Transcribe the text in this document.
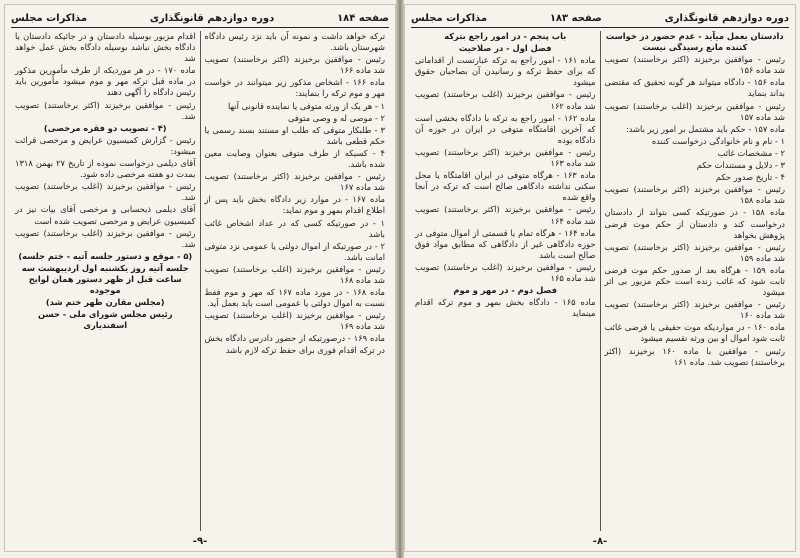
صفحه ۱۸۴
دوره دوازدهم قانونگذاری
مذاکرات مجلس

ترکه خواهد داشت و نمونه آن باید نزد رئیس دادگاه شهرستان باشد.

رئیس - موافقین برخیزند (اکثر برخاستند) تصویب شد ماده ۱۶۶

ماده ۱۶۶ - اشخاص مذکور زیر میتوانند در خواست مهر و موم ترکه را بنمایند:

۱ - هر یک از ورثه متوفی یا نماینده قانونی آنها

۲ - موصی له و وصی متوفی

۳ - طلبکار متوفی که طلب او مستند بسند رسمی یا حکم قطعی باشد

۴ - کسیکه از طرف متوفی بعنوان وصایت معین شده باشد.

رئیس - موافقین برخیزند (اکثر برخاستند) تصویب شد ماده ۱۶۷

ماده ۱۶۷ - در موارد زیر دادگاه بخش باید پس از اطلاع اقدام بمهر و موم نماید:

۱ - در صورتیکه کسی که در عداد اشخاص غائب باشد

۲ - در صورتیکه از اموال دولتی یا عمومی نزد متوفی امانت باشد.

رئیس - موافقین برخیزند (اغلب برخاستند) تصویب شد ماده ۱۶۸

ماده ۱۶۸ - در مورد ماده ۱۶۷ که مهر و موم فقط نسبت به اموال دولتی یا عمومی است باید بعمل آید.

رئیس - موافقین برخیزند (اغلب برخاستند) تصویب شد ماده ۱۶۹

ماده ۱۶۹ - درصورتیکه از حضور دادرس دادگاه بخش در ترکه اقدام فوری برای حفظ ترکه لازم باشد

اقدام مزبور بوسیله دادستان و در جائیکه دادستان یا دادگاه بخش نباشد بوسیله دادگاه بخش عمل خواهد شد

ماده ۱۷۰ - در هر موردیکه از طرف مأمورین مذکور در ماده قبل ترکه مهر و موم میشود مأمورین باید رئیس دادگاه را آگهی دهند

رئیس - موافقین برخیزند (اکثر برخاستند) تصویب شد.

(۴ - تصویب دو فقره مرخصی)

رئیس - گزارش کمیسیون عرایض و مرخصی قرائت میشود:

آقای دیلمی درخواست نموده از تاریخ ۲۷ بهمن ۱۳۱۸ بمدت دو هفته مرخصی داده شود.

رئیس - موافقین برخیزند (اغلب برخاستند) تصویب شد.

آقای دیلمی ذیحسابی و مرخصی آقای بیات نیز در کمیسیون عرایض و مرخصی تصویب شده است

رئیس - موافقین برخیزند (اغلب برخاستند) تصویب شد.

(۵ - موقع و دستور جلسه آتیه - ختم جلسه)

جلسه آتیه روز یکشنبه اول اردیبهشت سه ساعت قبل از ظهر دستور همان لوایح موجوده

(مجلس مقارن ظهر ختم شد)

رئیس مجلس شورای ملی - حسن اسفندیاری

-۹-
دوره دوازدهم قانونگذاری
صفحه ۱۸۳
مذاکرات مجلس

دادستان بعمل میآید - عدم حضور در خواست کننده مانع رسیدگی نیست

رئیس - موافقین برخیزند (اکثر برخاستند) تصویب شد ماده ۱۵۶

ماده ۱۵۶ - دادگاه میتواند هر گونه تحقیق که مقتضی بداند بنماید

رئیس - موافقین برخیزند (اغلب برخاستند) تصویب شد ماده ۱۵۷

ماده ۱۵۷ - حکم باید مشتمل بر امور زیر باشد:

۱ - نام و نام خانوادگی درخواست کننده

۲ - مشخصات غائب

۳ - دلایل و مستندات حکم

۴ - تاریخ صدور حکم

رئیس - موافقین برخیزند (اکثر برخاستند) تصویب شد ماده ۱۵۸

ماده ۱۵۸ - در صورتیکه کسی بتواند از دادستان درخواست کند و دادستان از حکم موت فرضی پژوهش بخواهد

رئیس - موافقین برخیزند (اکثر برخاستند) تصویب شد ماده ۱۵۹

ماده ۱۵۹ - هرگاه بعد از صدور حکم موت فرضی ثابت شود که غائب زنده است حکم مزبور بی اثر میشود

رئیس - موافقین برخیزند (اکثر برخاستند) تصویب شد ماده ۱۶۰

ماده ۱۶۰ - در مواردیکه موت حقیقی یا فرضی غائب ثابت شود اموال او بین ورثه تقسیم میشود

رئیس - موافقین با ماده ۱۶۰ برخیزند (اکثر برخاستند) تصویب شد. ماده ۱۶۱

باب پنجم - در امور راجع بترکه

فصل اول - در صلاحیت

ماده ۱۶۱ - امور راجع به ترکه عبارتست از اقداماتی که برای حفظ ترکه و رسانیدن آن بصاحبان حقوق میشود

رئیس - موافقین برخیزند (اغلب برخاستند) تصویب شد ماده ۱۶۲

ماده ۱۶۲ - امور راجع به ترکه با دادگاه بخشی است که آخرین اقامتگاه متوفی در ایران در حوزه آن دادگاه بوده

رئیس - موافقین برخیزند (اکثر برخاستند) تصویب شد ماده ۱۶۳

ماده ۱۶۳ - هرگاه متوفی در ایران اقامتگاه یا محل سکنی نداشته دادگاهی صالح است که ترکه در آنجا واقع شده

رئیس - موافقین برخیزند (اکثر برخاستند) تصویب شد ماده ۱۶۴

ماده ۱۶۴ - هرگاه تمام یا قسمتی از اموال متوفی در حوزه دادگاهی غیر از دادگاهی که مطابق مواد فوق صالح است باشد

رئیس - موافقین برخیزند (اغلب برخاستند) تصویب شد ماده ۱۶۵

فصل دوم - در مهر و موم

ماده ۱۶۵ - دادگاه بخش بمهر و موم ترکه اقدام مینماید

-۸-
